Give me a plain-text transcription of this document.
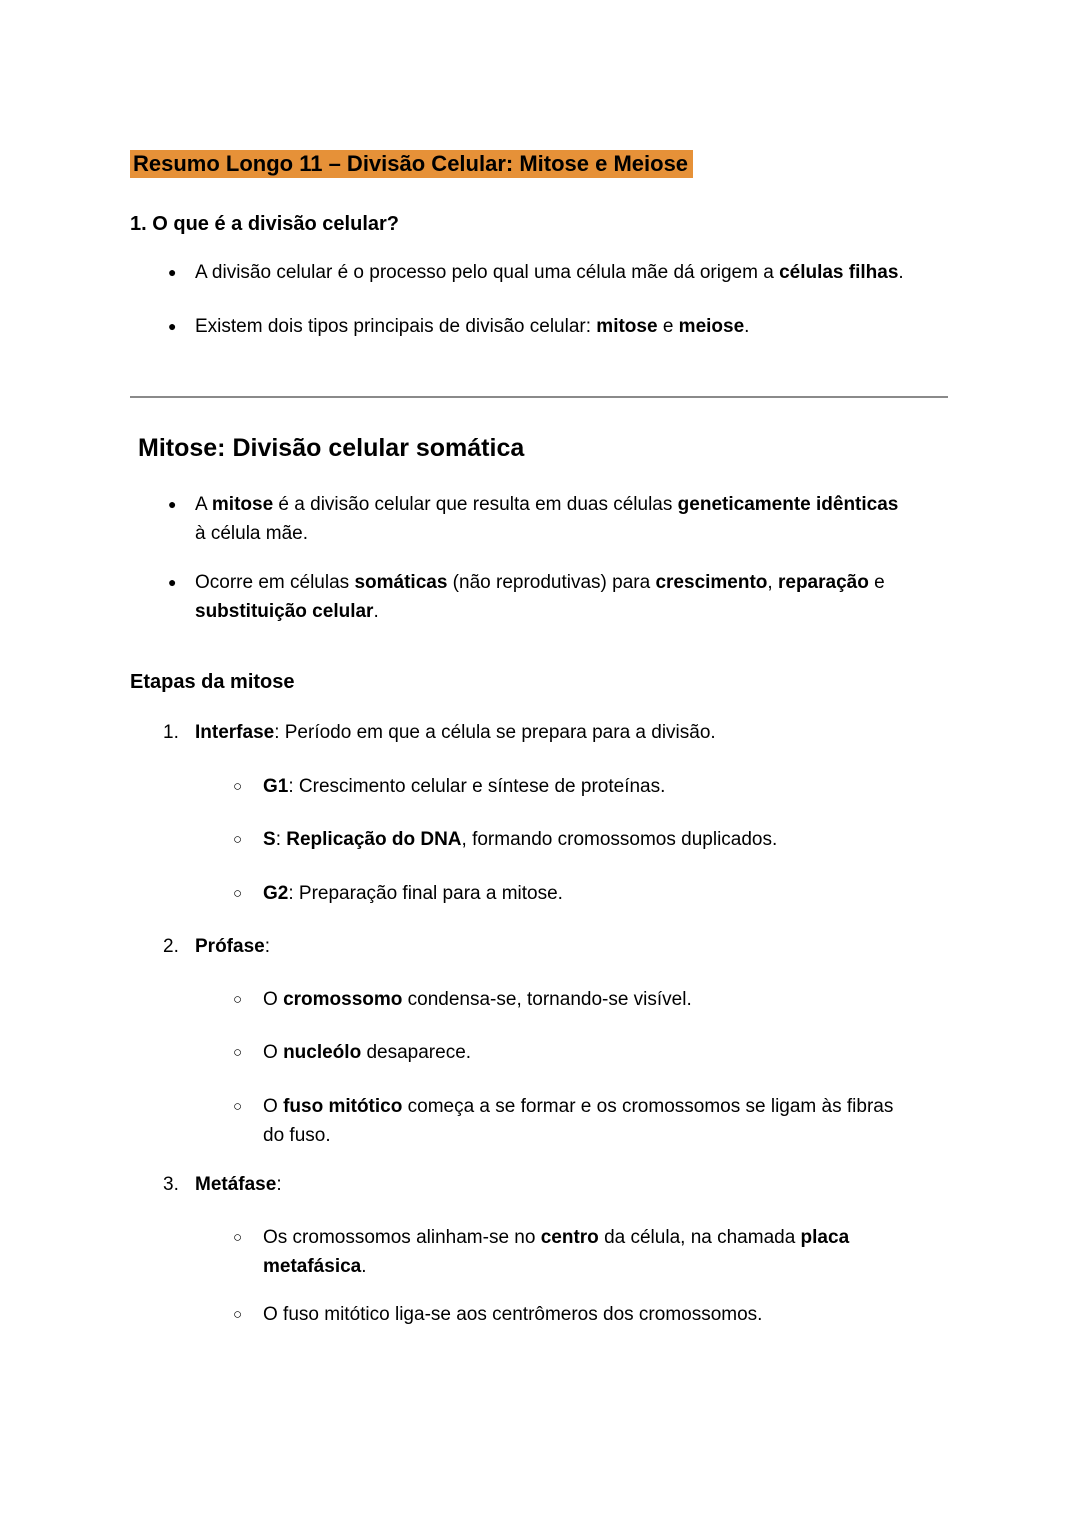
Resumo Longo 11 – Divisão Celular: Mitose e Meiose

1. O que é a divisão celular?
● A divisão celular é o processo pelo qual uma célula mãe dá origem a células filhas.
● Existem dois tipos principais de divisão celular: mitose e meiose.
Mitose: Divisão celular somática
● A mitose é a divisão celular que resulta em duas células geneticamente idênticas
à célula mãe.
● Ocorre em células somáticas (não reprodutivas) para crescimento, reparação e
substituição celular.
Etapas da mitose
1. Interfase: Período em que a célula se prepara para a divisão.
○ G1: Crescimento celular e síntese de proteínas.
○ S: Replicação do DNA, formando cromossomos duplicados.
○ G2: Preparação final para a mitose.
2. Prófase:
○ O cromossomo condensa-se, tornando-se visível.
○ O nucleólo desaparece.
○ O fuso mitótico começa a se formar e os cromossomos se ligam às fibras
do fuso.
3. Metáfase:
○ Os cromossomos alinham-se no centro da célula, na chamada placa
metafásica.
○ O fuso mitótico liga-se aos centrômeros dos cromossomos.
